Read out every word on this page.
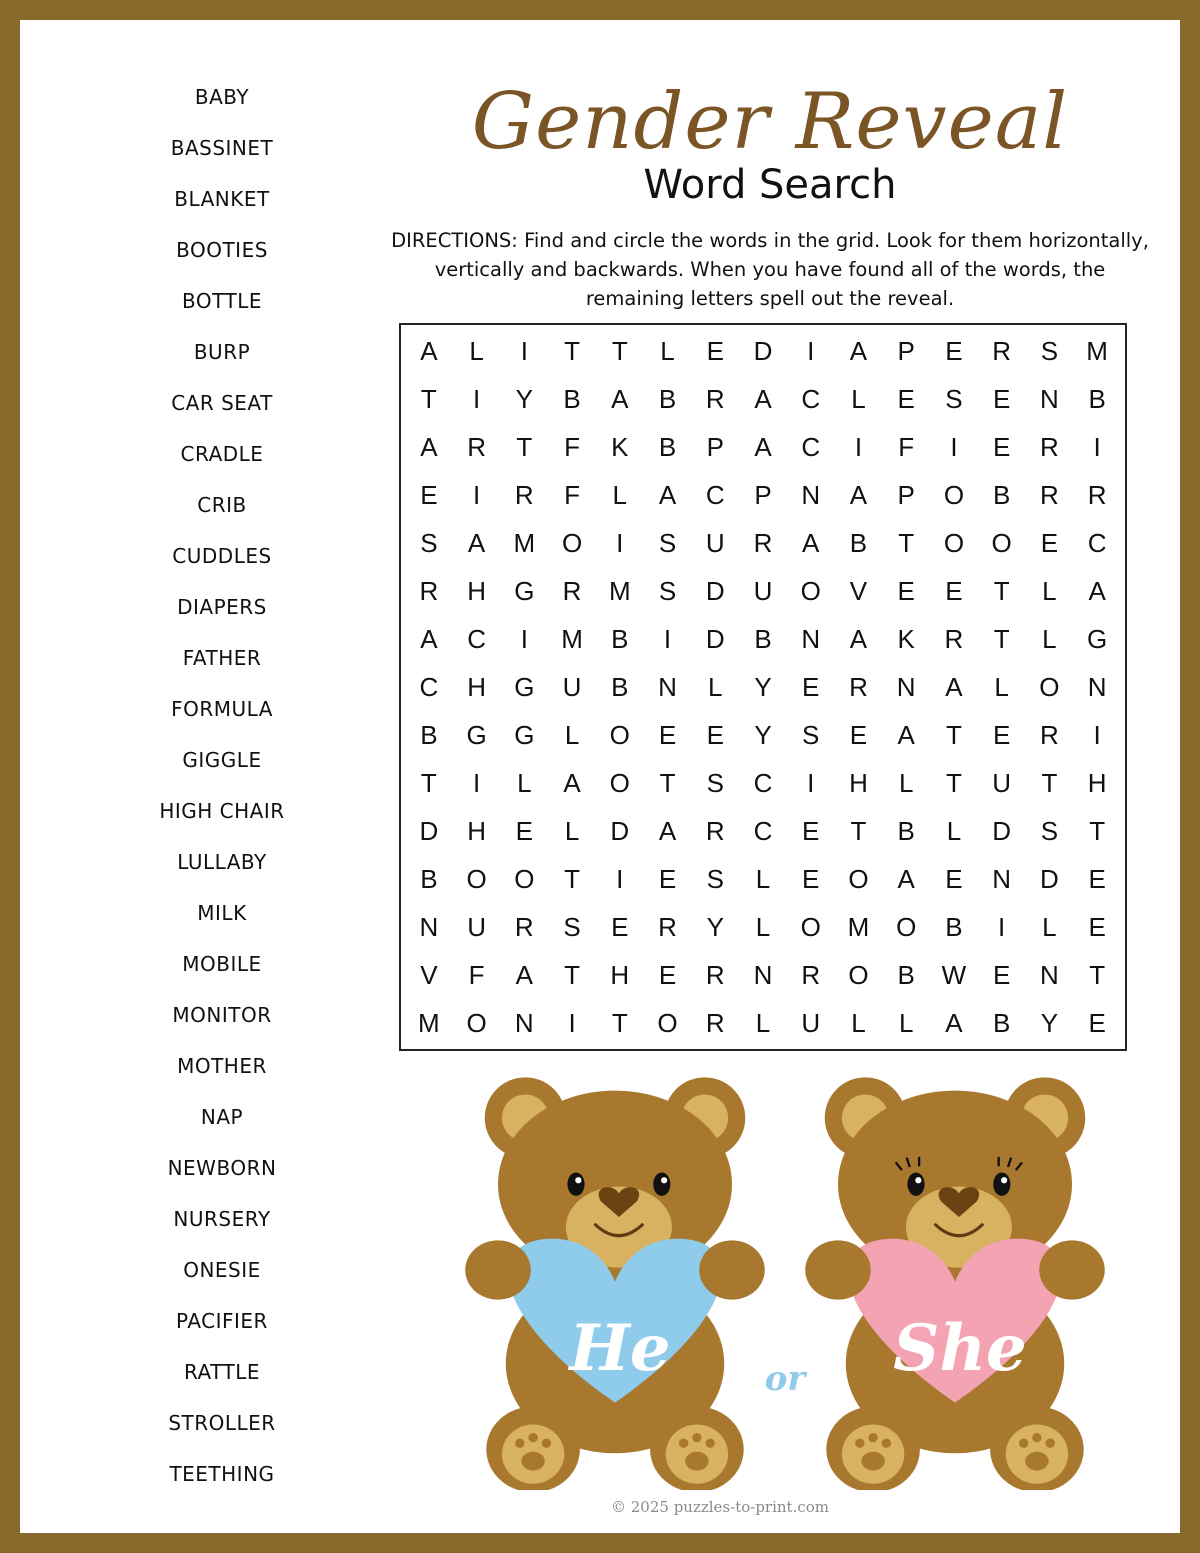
BABY
BASSINET
BLANKET
BOOTIES
BOTTLE
BURP
CAR SEAT
CRADLE
CRIB
CUDDLES
DIAPERS
FATHER
FORMULA
GIGGLE
HIGH CHAIR
LULLABY
MILK
MOBILE
MONITOR
MOTHER
NAP
NEWBORN
NURSERY
ONESIE
PACIFIER
RATTLE
STROLLER
TEETHING
Gender Reveal
Word Search
DIRECTIONS: Find and circle the words in the grid. Look for them horizontally, vertically and backwards. When you have found all of the words, the remaining letters spell out the reveal.
A	L	I	T	T	L	E	D	I	A	P	E	R	S	M
T	I	Y	B	A	B	R	A	C	L	E	S	E	N	B
A	R	T	F	K	B	P	A	C	I	F	I	E	R	I
E	I	R	F	L	A	C	P	N	A	P	O	B	R	R
S	A	M	O	I	S	U	R	A	B	T	O	O	E	C
R	H	G	R	M	S	D	U	O	V	E	E	T	L	A
A	C	I	M	B	I	D	B	N	A	K	R	T	L	G
C	H	G	U	B	N	L	Y	E	R	N	A	L	O	N
B	G	G	L	O	E	E	Y	S	E	A	T	E	R	I
T	I	L	A	O	T	S	C	I	H	L	T	U	T	H
D	H	E	L	D	A	R	C	E	T	B	L	D	S	T
B	O	O	T	I	E	S	L	E	O	A	E	N	D	E
N	U	R	S	E	R	Y	L	O	M	O	B	I	L	E
V	F	A	T	H	E	R	N	R	O	B	W	E	N	T
M	O	N	I	T	O	R	L	U	L	L	A	B	Y	E
He	or She
© 2025 puzzles-to-print.com
